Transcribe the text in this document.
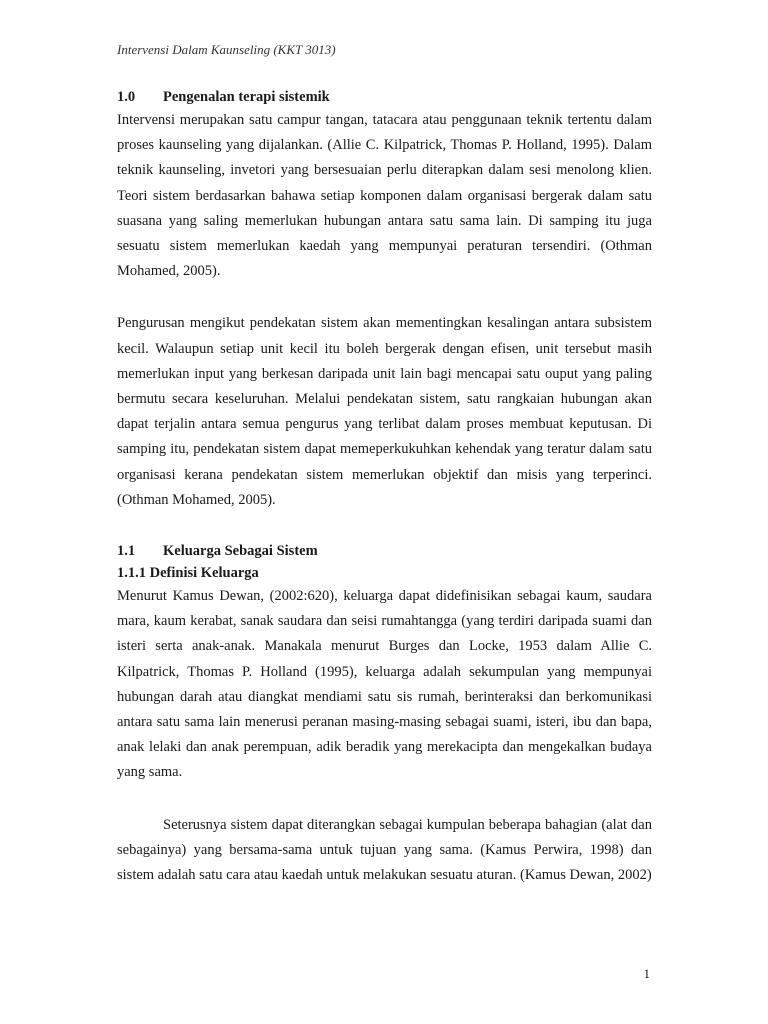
Intervensi Dalam Kaunseling (KKT 3013)
1.0 Pengenalan terapi sistemik

Intervensi merupakan satu campur tangan, tatacara atau penggunaan teknik tertentu dalam proses kaunseling yang dijalankan. (Allie C. Kilpatrick, Thomas P. Holland, 1995). Dalam teknik kaunseling, invetori yang bersesuaian perlu diterapkan dalam sesi menolong klien. Teori sistem berdasarkan bahawa setiap komponen dalam organisasi bergerak dalam satu suasana yang saling memerlukan hubungan antara satu sama lain. Di samping itu juga sesuatu sistem memerlukan kaedah yang mempunyai peraturan tersendiri. (Othman Mohamed, 2005).

Pengurusan mengikut pendekatan sistem akan mementingkan kesalingan antara subsistem kecil. Walaupun setiap unit kecil itu boleh bergerak dengan efisen, unit tersebut masih memerlukan input yang berkesan daripada unit lain bagi mencapai satu ouput yang paling bermutu secara keseluruhan. Melalui pendekatan sistem, satu rangkaian hubungan akan dapat terjalin antara semua pengurus yang terlibat dalam proses membuat keputusan. Di samping itu, pendekatan sistem dapat memeperkukuhkan kehendak yang teratur dalam satu organisasi kerana pendekatan sistem memerlukan objektif dan misis yang terperinci. (Othman Mohamed, 2005).

1.1 Keluarga Sebagai Sistem
1.1.1 Definisi Keluarga

Menurut Kamus Dewan, (2002:620), keluarga dapat didefinisikan sebagai kaum, saudara mara, kaum kerabat, sanak saudara dan seisi rumahtangga (yang terdiri daripada suami dan isteri serta anak-anak. Manakala menurut Burges dan Locke, 1953 dalam Allie C. Kilpatrick, Thomas P. Holland (1995), keluarga adalah sekumpulan yang mempunyai hubungan darah atau diangkat mendiami satu sis rumah, berinteraksi dan berkomunikasi antara satu sama lain menerusi peranan masing-masing sebagai suami, isteri, ibu dan bapa, anak lelaki dan anak perempuan, adik beradik yang merekacipta dan mengekalkan budaya yang sama.

Seterusnya sistem dapat diterangkan sebagai kumpulan beberapa bahagian (alat dan sebagainya) yang bersama-sama untuk tujuan yang sama. (Kamus Perwira, 1998) dan sistem adalah satu cara atau kaedah untuk melakukan sesuatu aturan. (Kamus Dewan, 2002)

1
